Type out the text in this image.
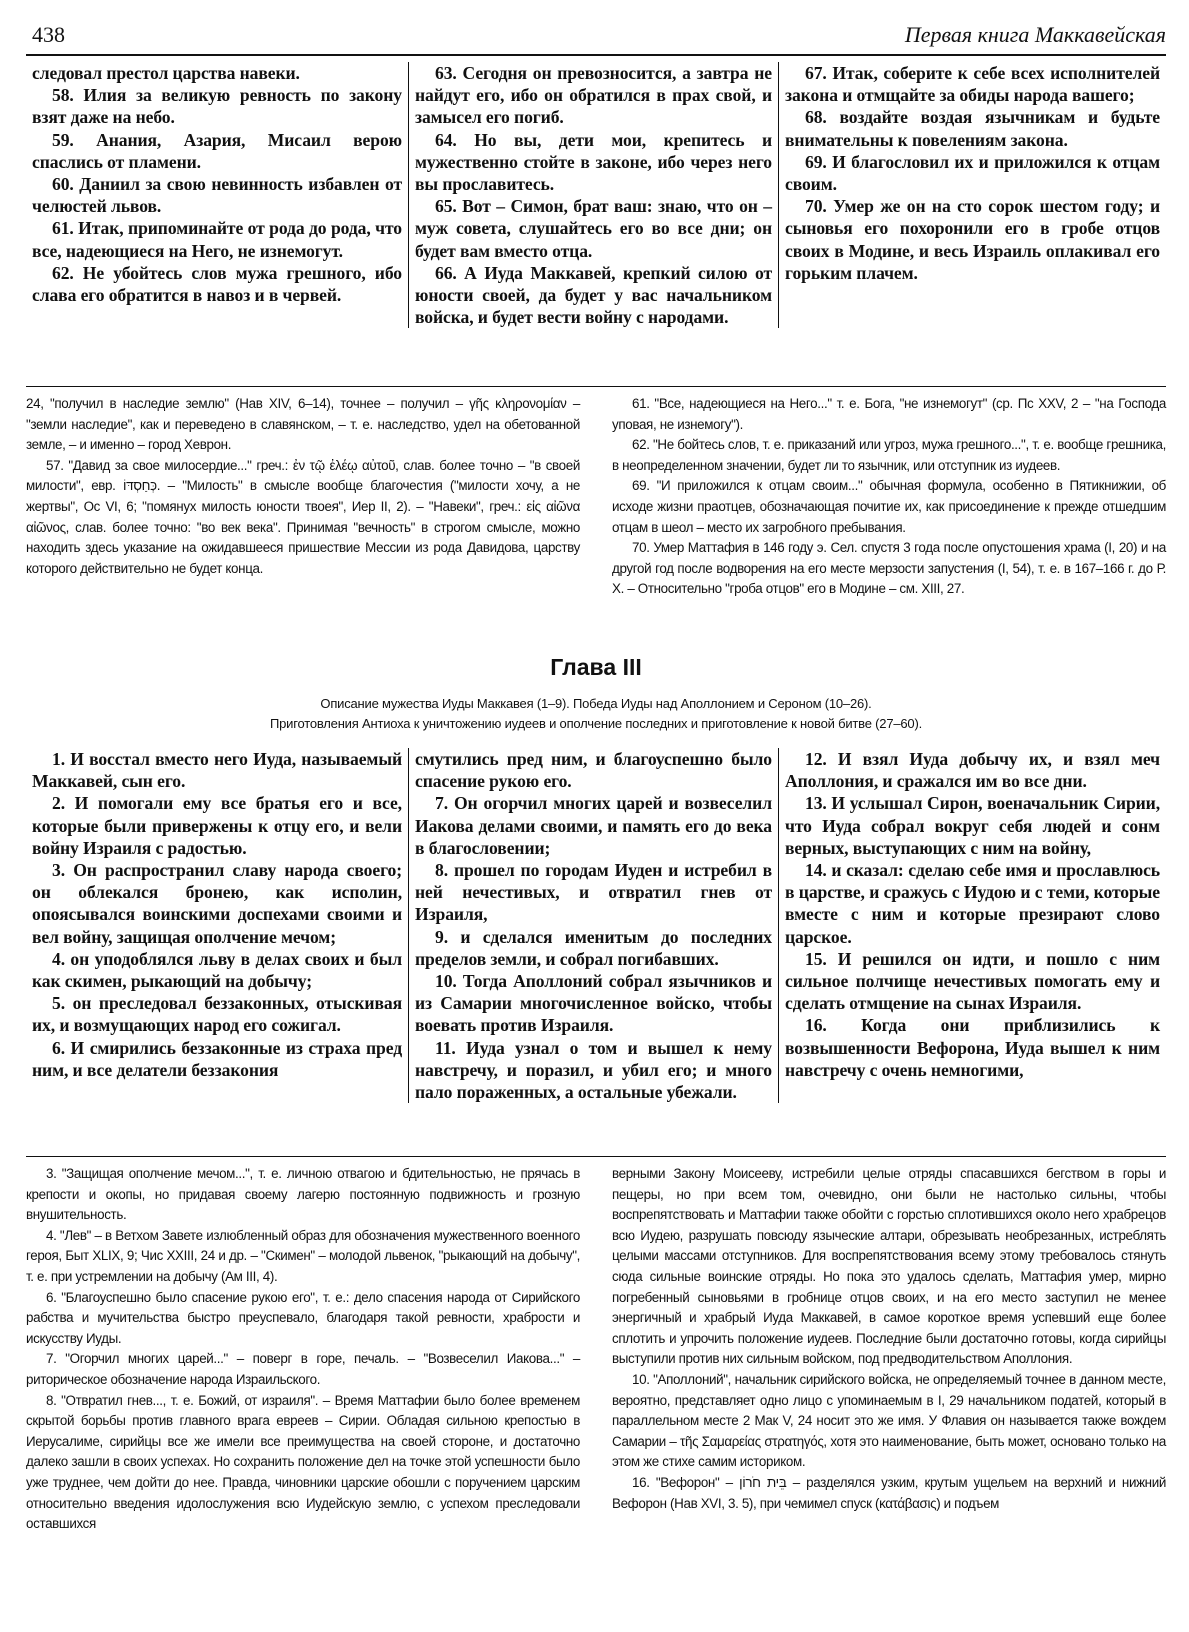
438	Первая книга Маккавейская

следовал престол царства навеки.

58. Илия за великую ревность по закону взят даже на небо.

59. Анания, Азария, Мисаил верою спаслись от пламени.

60. Даниил за свою невинность избавлен от челюстей львов.

61. Итак, припоминайте от рода до рода, что все, надеющиеся на Него, не изнемогут.

62. Не убойтесь слов мужа грешного, ибо слава его обратится в навоз и в червей.

63. Сегодня он превозносится, а завтра не найдут его, ибо он обратился в прах свой, и замысел его погиб.

64. Но вы, дети мои, крепитесь и мужественно стойте в законе, ибо через него вы прославитесь.

65. Вот – Симон, брат ваш: знаю, что он – муж совета, слушайтесь его во все дни; он будет вам вместо отца.

66. А Иуда Маккавей, крепкий силою от юности своей, да будет у вас начальником войска, и будет вести войну с народами.

67. Итак, соберите к себе всех исполнителей закона и отмщайте за обиды народа вашего;

68. воздайте воздая язычникам и будьте внимательны к повелениям закона.

69. И благословил их и приложился к отцам своим.

70. Умер же он на сто сорок шестом году; и сыновья его похоронили его в гробе отцов своих в Модине, и весь Израиль оплакивал его горьким плачем.

24, "получил в наследие землю" (Нав XIV, 6–14), точнее – получил – γῆς κληρονομίαν – "земли наследие", как и переведено в славянском, – т. е. наследство, удел на обетованной земле, – и именно – город Хеврон.

57. "Давид за свое милосердие..." греч.: ἐν τῷ ἐλέῳ αὐτοῦ, слав. более точно – "в своей милости", евр. כְּחַסְדּוֹ. – "Милость" в смысле вообще благочестия ("милости хочу, а не жертвы", Ос VI, 6; "помянух милость юности твоея", Иер II, 2). – "Навеки", греч.: εἰς αἰῶνα αἰῶνος, слав. более точно: "во век века". Принимая "вечность" в строгом смысле, можно находить здесь указание на ожидавшееся пришествие Мессии из рода Давидова, царству которого действительно не будет конца.

61. "Все, надеющиеся на Него..." т. е. Бога, "не изнемогут" (ср. Пс XXV, 2 – "на Господа уповая, не изнемогу").

62. "Не бойтесь слов, т. е. приказаний или угроз, мужа грешного...", т. е. вообще грешника, в неопределенном значении, будет ли то язычник, или отступник из иудеев.

69. "И приложился к отцам своим..." обычная формула, особенно в Пятикнижии, об исходе жизни праотцев, обозначающая почитие их, как присоединение к прежде отшедшим отцам в шеол – место их загробного пребывания.

70. Умер Маттафия в 146 году э. Сел. спустя 3 года после опустошения храма (I, 20) и на другой год после водворения на его месте мерзости запустения (I, 54), т. е. в 167–166 г. до Р. Х. – Относительно "гроба отцов" его в Модине – см. XIII, 27.

Глава III
Описание мужества Иуды Маккавея (1–9). Победа Иуды над Аполлонием и Сероном (10–26).
Приготовления Антиоха к уничтожению иудеев и ополчение последних и приготовление к новой битве (27–60).

1. И восстал вместо него Иуда, называемый Маккавей, сын его.

2. И помогали ему все братья его и все, которые были привержены к отцу его, и вели войну Израиля с радостью.

3. Он распространил славу народа своего; он облекался бронею, как исполин, опоясывался воинскими доспехами своими и вел войну, защищая ополчение мечом;

4. он уподоблялся льву в делах своих и был как скимен, рыкающий на добычу;

5. он преследовал беззаконных, отыскивая их, и возмущающих народ его сожигал.

6. И смирились беззаконные из страха пред ним, и все делатели беззакония

смутились пред ним, и благоуспешно было спасение рукою его.

7. Он огорчил многих царей и возвеселил Иакова делами своими, и память его до века в благословении;

8. прошел по городам Иуден и истребил в ней нечестивых, и отвратил гнев от Израиля,

9. и сделался именитым до последних пределов земли, и собрал погибавших.

10. Тогда Аполлоний собрал язычников и из Самарии многочисленное войско, чтобы воевать против Израиля.

11. Иуда узнал о том и вышел к нему навстречу, и поразил, и убил его; и много пало пораженных, а остальные убежали.

12. И взял Иуда добычу их, и взял меч Аполлония, и сражался им во все дни.

13. И услышал Сирон, военачальник Сирии, что Иуда собрал вокруг себя людей и сонм верных, выступающих с ним на войну,

14. и сказал: сделаю себе имя и прославлюсь в царстве, и сражусь с Иудою и с теми, которые вместе с ним и которые презирают слово царское.

15. И решился он идти, и пошло с ним сильное полчище нечестивых помогать ему и сделать отмщение на сынах Израиля.

16. Когда они приблизились к возвышенности Вефорона, Иуда вышел к ним навстречу с очень немногими,

3. "Защищая ополчение мечом...", т. е. личною отвагою и бдительностью, не прячась в крепости и окопы, но придавая своему лагерю постоянную подвижность и грозную внушительность.

4. "Лев" – в Ветхом Завете излюбленный образ для обозначения мужественного военного героя, Быт XLIX, 9; Чис XXIII, 24 и др. – "Скимен" – молодой львенок, "рыкающий на добычу", т. е. при устремлении на добычу (Ам III, 4).

6. "Благоуспешно было спасение рукою его", т. е.: дело спасения народа от Сирийского рабства и мучительства быстро преуспевало, благодаря такой ревности, храбрости и искусству Иуды.

7. "Огорчил многих царей..." – поверг в горе, печаль. – "Возвеселил Иакова..." – риторическое обозначение народа Израильского.

8. "Отвратил гнев..., т. е. Божий, от израиля". – Время Маттафии было более временем скрытой борьбы против главного врага евреев – Сирии. Обладая сильною крепостью в Иерусалиме, сирийцы все же имели все преимущества на своей стороне, и достаточно далеко зашли в своих успехах. Но сохранить положение дел на точке этой успешности было уже труднее, чем дойти до нее. Правда, чиновники царские обошли с поручением царским относительно введения идолослужения всю Иудейскую землю, с успехом преследовали оставшихся

верными Закону Моисееву, истребили целые отряды спасавшихся бегством в горы и пещеры, но при всем том, очевидно, они были не настолько сильны, чтобы воспрепятствовать и Маттафии также обойти с горстью сплотившихся около него храбрецов всю Иудею, разрушать повсюду языческие алтари, обрезывать необрезанных, истреблять целыми массами отступников. Для воспрепятствования всему этому требовалось стянуть сюда сильные воинские отряды. Но пока это удалось сделать, Маттафия умер, мирно погребенный сыновьями в гробнице отцов своих, и на его место заступил не менее энергичный и храбрый Иуда Маккавей, в самое короткое время успевший еще более сплотить и упрочить положение иудеев. Последние были достаточно готовы, когда сирийцы выступили против них сильным войском, под предводительством Аполлония.

10. "Аполлоний", начальник сирийского войска, не определяемый точнее в данном месте, вероятно, представляет одно лицо с упоминаемым в I, 29 начальником податей, который в параллельном месте 2 Мак V, 24 носит это же имя. У Флавия он называется также вождем Самарии – τῆς Σαμαρείας στρατηγός, хотя это наименование, быть может, основано только на этом же стихе самим историком.

16. "Вефорон" – בֵּית חֹרוֹן – разделялся узким, крутым ущельем на верхний и нижний Вефорон (Нав XVI, 3. 5), при чемимел спуск (κατάβασις) и подъем
